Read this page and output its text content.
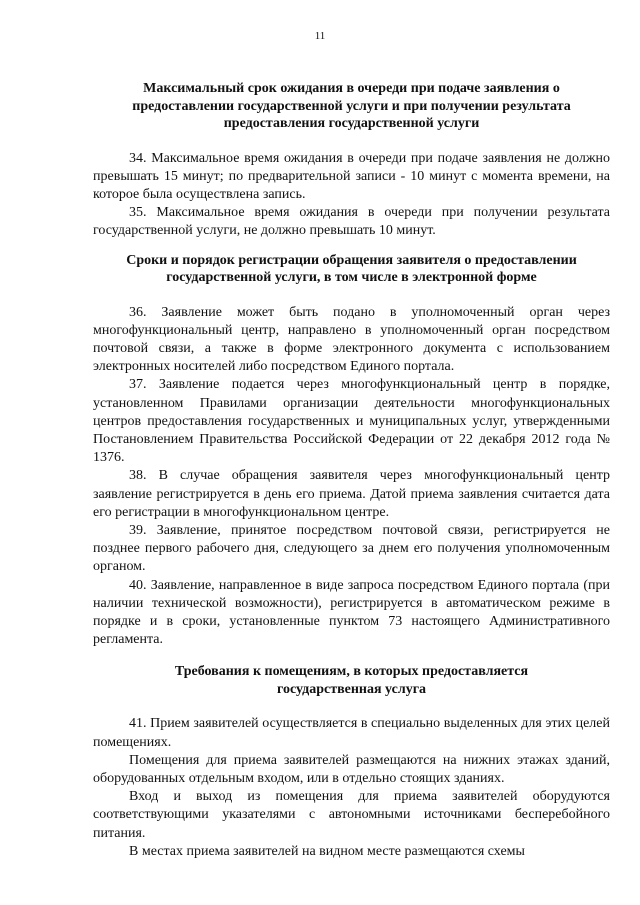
11

Максимальный срок ожидания в очереди при подаче заявления о
предоставлении государственной услуги и при получении результата
предоставления государственной услуги

34. Максимальное время ожидания в очереди при подаче заявления не должно превышать 15 минут; по предварительной записи - 10 минут с момента времени, на которое была осуществлена запись.

35. Максимальное время ожидания в очереди при получении результата государственной услуги, не должно превышать 10 минут.

Сроки и порядок регистрации обращения заявителя о предоставлении
государственной услуги, в том числе в электронной форме

36. Заявление может быть подано в уполномоченный орган через многофункциональный центр, направлено в уполномоченный орган посредством почтовой связи, а также в форме электронного документа с использованием электронных носителей либо посредством Единого портала.

37. Заявление подается через многофункциональный центр в порядке, установленном Правилами организации деятельности многофункциональных центров предоставления государственных и муниципальных услуг, утвержденными Постановлением Правительства Российской Федерации от 22 декабря 2012 года № 1376.

38. В случае обращения заявителя через многофункциональный центр заявление регистрируется в день его приема. Датой приема заявления считается дата его регистрации в многофункциональном центре.

39. Заявление, принятое посредством почтовой связи, регистрируется не позднее первого рабочего дня, следующего за днем его получения уполномоченным органом.

40. Заявление, направленное в виде запроса посредством Единого портала (при наличии технической возможности), регистрируется в автоматическом режиме в порядке и в сроки, установленные пунктом 73 настоящего Административного регламента.

Требования к помещениям, в которых предоставляется
государственная услуга

41. Прием заявителей осуществляется в специально выделенных для этих целей помещениях.

Помещения для приема заявителей размещаются на нижних этажах зданий, оборудованных отдельным входом, или в отдельно стоящих зданиях.

Вход и выход из помещения для приема заявителей оборудуются соответствующими указателями с автономными источниками бесперебойного питания.

В местах приема заявителей на видном месте размещаются схемы
